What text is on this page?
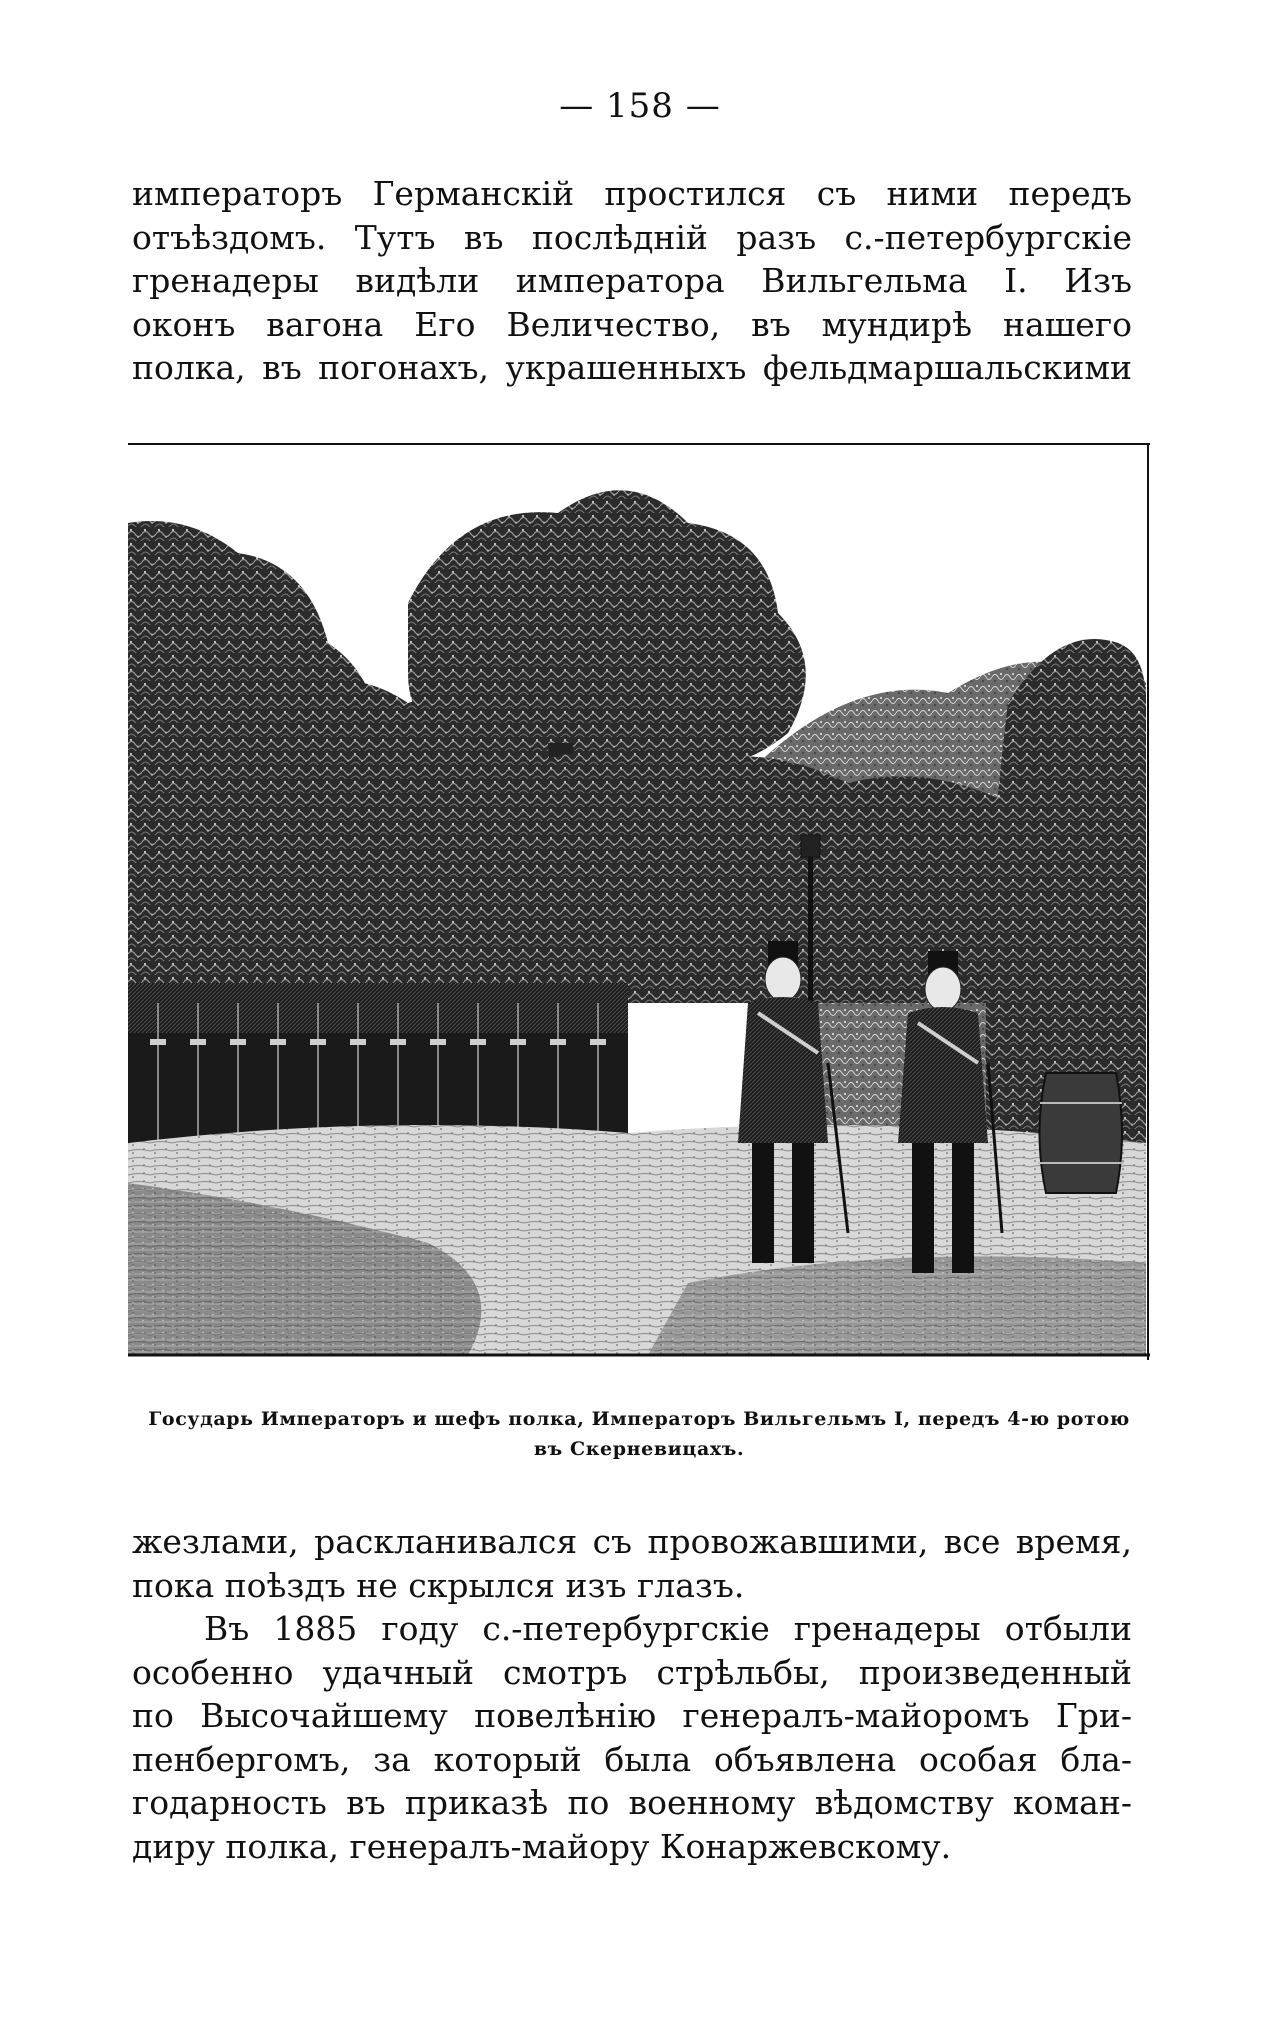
— 158 —
императоръ Германскій простился съ ними передъ
отъѣздомъ. Тутъ въ послѣдній разъ с.-петербургскіе
гренадеры видѣли императора Вильгельма I. Изъ
оконъ вагона Его Величество, въ мундирѣ нашего
полка, въ погонахъ, украшенныхъ фельдмаршальскими
Государь Императоръ и шефъ полка, Императоръ Вильгельмъ I, передъ 4-ю ротою
въ Скерневицахъ.
жезлами, раскланивался съ провожавшими, все время,
пока поѣздъ не скрылся изъ глазъ.
Въ 1885 году с.-петербургскіе гренадеры отбыли
особенно удачный смотръ стрѣльбы, произведенный
по Высочайшему повелѣнію генералъ-майоромъ Гри-
пенбергомъ, за который была объявлена особая бла-
годарность въ приказѣ по военному вѣдомству коман-
диру полка, генералъ-майору Конаржевскому.
